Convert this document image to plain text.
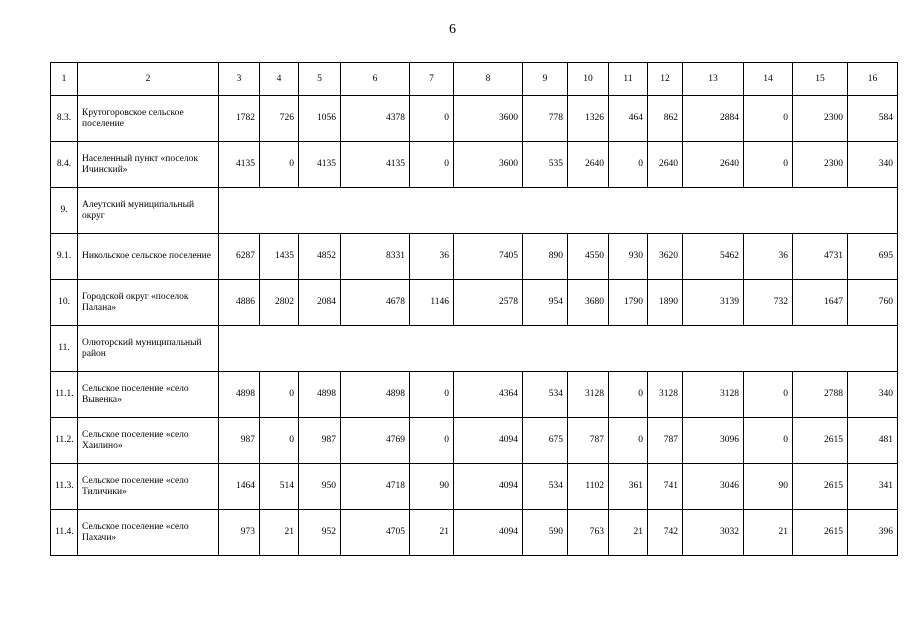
6
1	2	3	4	5	6	7	8	9	10	11	12	13	14	15	16
8.3.	Крутогоровское сельское поселение	1782	726	1056	4378	0	3600	778	1326	464	862	2884	0	2300	584
8.4.	Населенный пункт «поселок Ичинский»	4135	0	4135	4135	0	3600	535	2640	0	2640	2640	0	2300	340
9.	Алеутский муниципальный округ														
9.1.	Никольское сельское поселение	6287	1435	4852	8331	36	7405	890	4550	930	3620	5462	36	4731	695
10.	Городской округ «поселок Палана»	4886	2802	2084	4678	1146	2578	954	3680	1790	1890	3139	732	1647	760
11.	Олюторский муниципальный район														
11.1.	Сельское поселение «село Вывенка»	4898	0	4898	4898	0	4364	534	3128	0	3128	3128	0	2788	340
11.2.	Сельское поселение «село Хаилино»	987	0	987	4769	0	4094	675	787	0	787	3096	0	2615	481
11.3.	Сельское поселение «село Тиличики»	1464	514	950	4718	90	4094	534	1102	361	741	3046	90	2615	341
11.4.	Сельское поселение «село Пахачи»	973	21	952	4705	21	4094	590	763	21	742	3032	21	2615	396
